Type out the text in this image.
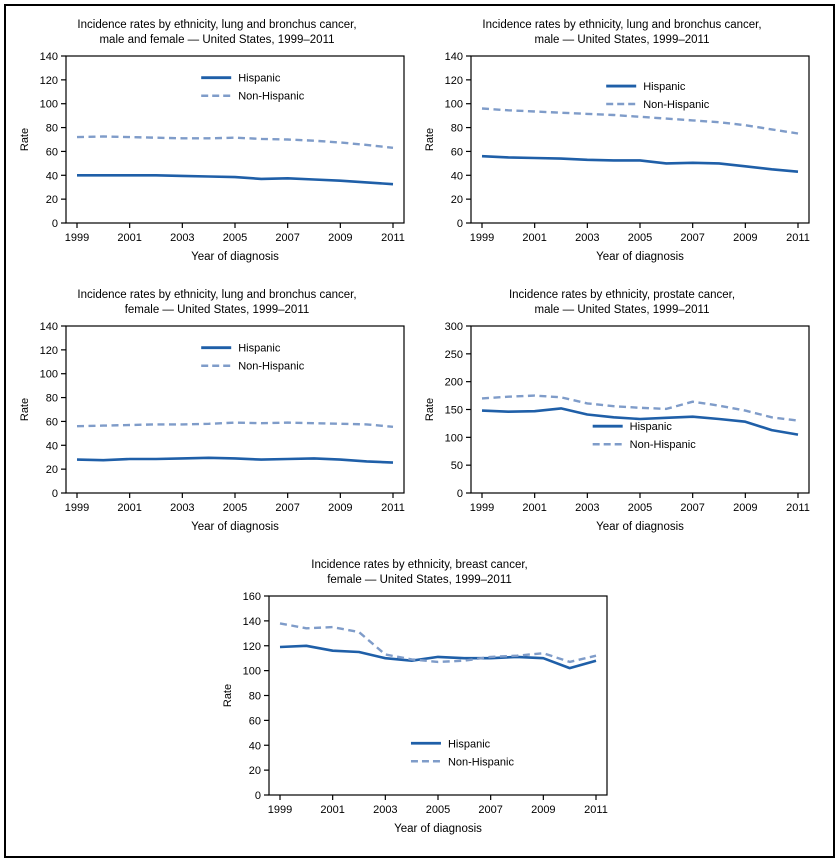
Incidence rates by ethnicity, lung and bronchus cancer,
male and female — United States, 1999–2011
0
20
40
60
80
100
120
140
Rate
1999	2001	2003	2005	2007	2009	2011
Year of diagnosis
Hispanic
Non-Hispanic
Incidence rates by ethnicity, lung and bronchus cancer,
male — United States, 1999–2011
0
20
40
60
80
100
120
140
Rate
1999	2001	2003	2005	2007	2009	2011
Year of diagnosis
Hispanic
Non-Hispanic
Incidence rates by ethnicity, lung and bronchus cancer,
female — United States, 1999–2011
0
20
40
60
80
100
120
140
Rate
1999	2001	2003	2005	2007	2009	2011
Year of diagnosis
Hispanic
Non-Hispanic
Incidence rates by ethnicity, prostate cancer,
male — United States, 1999–2011
0
50
100
150
200
250
300
Rate
1999	2001	2003	2005	2007	2009	2011
Year of diagnosis
Hispanic
Non-Hispanic
Incidence rates by ethnicity, breast cancer,
female — United States, 1999–2011
0
20
40
60
80
100
120
140
160
Rate
1999	2001	2003	2005	2007	2009	2011
Year of diagnosis
Hispanic
Non-Hispanic
